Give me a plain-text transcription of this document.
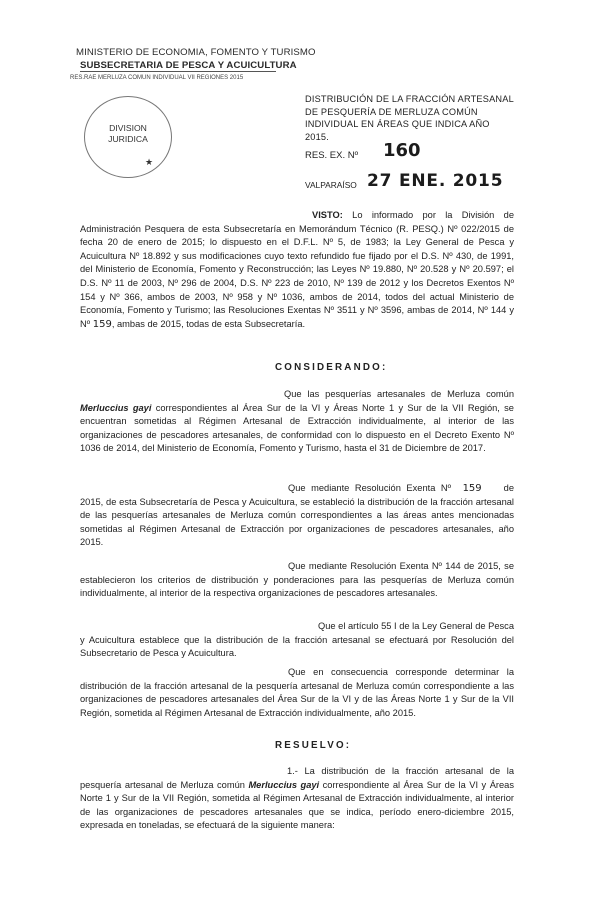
MINISTERIO DE ECONOMIA, FOMENTO Y TURISMO
SUBSECRETARIA DE PESCA Y ACUICULTURA
RES.RAE MERLUZA COMUN INDIVIDUAL VII REGIONES 2015
DIVISION
JURIDICA
★
DISTRIBUCIÓN DE LA FRACCIÓN ARTESANAL DE PESQUERÍA DE MERLUZA COMÚN INDIVIDUAL EN ÁREAS QUE INDICA AÑO 2015.
RES. EX. Nº 160
VALPARAÍSO 27 ENE. 2015
VISTO: Lo informado por la División de Administración Pesquera de esta Subsecretaría en Memorándum Técnico (R. PESQ.) Nº 022/2015 de fecha 20 de enero de 2015; lo dispuesto en el D.F.L. Nº 5, de 1983; la Ley General de Pesca y Acuicultura Nº 18.892 y sus modificaciones cuyo texto refundido fue fijado por el D.S. Nº 430, de 1991, del Ministerio de Economía, Fomento y Reconstrucción; las Leyes Nº 19.880, Nº 20.528 y Nº 20.597; el D.S. Nº 11 de 2003, Nº 296 de 2004, D.S. Nº 223 de 2010, Nº 139 de 2012 y los Decretos Exentos Nº 154 y Nº 366, ambos de 2003, Nº 958 y Nº 1036, ambos de 2014, todos del actual Ministerio de Economía, Fomento y Turismo; las Resoluciones Exentas Nº 3511 y Nº 3596, ambas de 2014, Nº 144 y Nº 159, ambas de 2015, todas de esta Subsecretaría.
CONSIDERANDO:
Que las pesquerías artesanales de Merluza común Merluccius gayi correspondientes al Área Sur de la VI y Áreas Norte 1 y Sur de la VII Región, se encuentran sometidas al Régimen Artesanal de Extracción individualmente, al interior de las organizaciones de pescadores artesanales, de conformidad con lo dispuesto en el Decreto Exento Nº 1036 de 2014, del Ministerio de Economía, Fomento y Turismo, hasta el 31 de Diciembre de 2017.
Que mediante Resolución Exenta Nº 159 de 2015, de esta Subsecretaría de Pesca y Acuicultura, se estableció la distribución de la fracción artesanal de las pesquerías artesanales de Merluza común correspondientes a las áreas antes mencionadas sometidas al Régimen Artesanal de Extracción por organizaciones de pescadores artesanales, año 2015.
Que mediante Resolución Exenta Nº 144 de 2015, se establecieron los criterios de distribución y ponderaciones para las pesquerías de Merluza común individualmente, al interior de la respectiva organizaciones de pescadores artesanales.
Que el artículo 55 I de la Ley General de Pesca y Acuicultura establece que la distribución de la fracción artesanal se efectuará por Resolución del Subsecretario de Pesca y Acuicultura.
Que en consecuencia corresponde determinar la distribución de la fracción artesanal de la pesquería artesanal de Merluza común correspondiente a las organizaciones de pescadores artesanales del Área Sur de la VI y de las Áreas Norte 1 y Sur de la VII Región, sometida al Régimen Artesanal de Extracción individualmente, año 2015.
RESUELVO:
1.- La distribución de la fracción artesanal de la pesquería artesanal de Merluza común Merluccius gayi correspondiente al Área Sur de la VI y Áreas Norte 1 y Sur de la VII Región, sometida al Régimen Artesanal de Extracción individualmente, al interior de las organizaciones de pescadores artesanales que se indica, período enero-diciembre 2015, expresada en toneladas, se efectuará de la siguiente manera:
